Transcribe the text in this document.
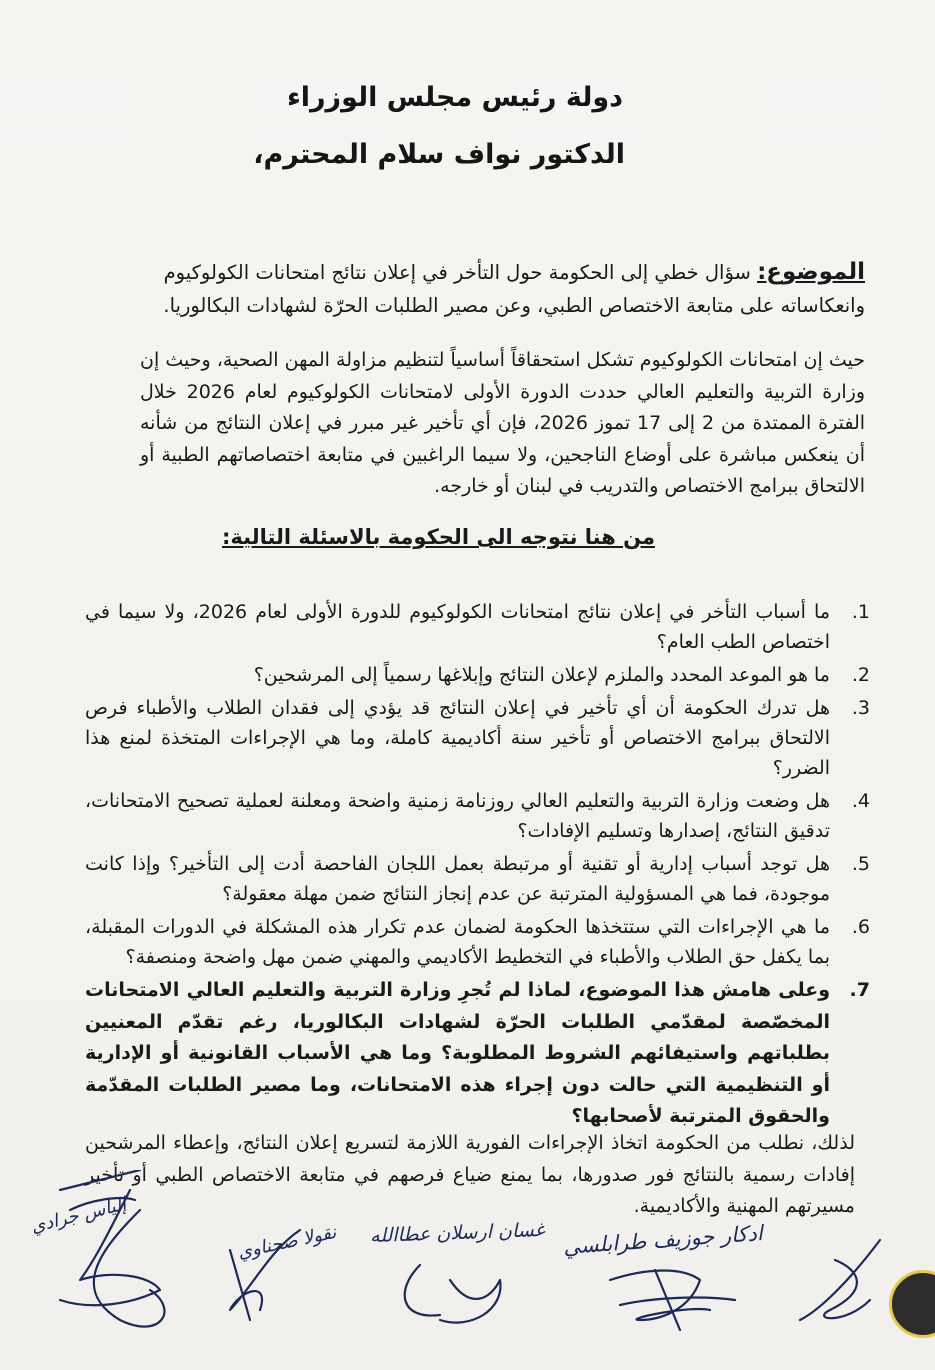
دولة رئيس مجلس الوزراء
الدكتور نواف سلام المحترم،
الموضوع: سؤال خطي إلى الحكومة حول التأخر في إعلان نتائج امتحانات الكولوكيوم وانعكاساته على متابعة الاختصاص الطبي، وعن مصير الطلبات الحرّة لشهادات البكالوريا.
حيث إن امتحانات الكولوكيوم تشكل استحقاقاً أساسياً لتنظيم مزاولة المهن الصحية، وحيث إن وزارة التربية والتعليم العالي حددت الدورة الأولى لامتحانات الكولوكيوم لعام 2026 خلال الفترة الممتدة من 2 إلى 17 تموز 2026، فإن أي تأخير غير مبرر في إعلان النتائج من شأنه أن ينعكس مباشرة على أوضاع الناجحين، ولا سيما الراغبين في متابعة اختصاصاتهم الطبية أو الالتحاق ببرامج الاختصاص والتدريب في لبنان أو خارجه.
من هنا نتوجه الى الحكومة بالاسئلة التالية:
1.
ما أسباب التأخر في إعلان نتائج امتحانات الكولوكيوم للدورة الأولى لعام 2026، ولا سيما في اختصاص الطب العام؟
2.
ما هو الموعد المحدد والملزم لإعلان النتائج وإبلاغها رسمياً إلى المرشحين؟
3.
هل تدرك الحكومة أن أي تأخير في إعلان النتائج قد يؤدي إلى فقدان الطلاب والأطباء فرص الالتحاق ببرامج الاختصاص أو تأخير سنة أكاديمية كاملة، وما هي الإجراءات المتخذة لمنع هذا الضرر؟
4.
هل وضعت وزارة التربية والتعليم العالي روزنامة زمنية واضحة ومعلنة لعملية تصحيح الامتحانات، تدقيق النتائج، إصدارها وتسليم الإفادات؟
5.
هل توجد أسباب إدارية أو تقنية أو مرتبطة بعمل اللجان الفاحصة أدت إلى التأخير؟ وإذا كانت موجودة، فما هي المسؤولية المترتبة عن عدم إنجاز النتائج ضمن مهلة معقولة؟
6.
ما هي الإجراءات التي ستتخذها الحكومة لضمان عدم تكرار هذه المشكلة في الدورات المقبلة، بما يكفل حق الطلاب والأطباء في التخطيط الأكاديمي والمهني ضمن مهل واضحة ومنصفة؟
7.
وعلى هامش هذا الموضوع، لماذا لم تُجرِ وزارة التربية والتعليم العالي الامتحانات المخصّصة لمقدّمي الطلبات الحرّة لشهادات البكالوريا، رغم تقدّم المعنيين بطلباتهم واستيفائهم الشروط المطلوبة؟ وما هي الأسباب القانونية أو الإدارية أو التنظيمية التي حالت دون إجراء هذه الامتحانات، وما مصير الطلبات المقدّمة والحقوق المترتبة لأصحابها؟
لذلك، نطلب من الحكومة اتخاذ الإجراءات الفورية اللازمة لتسريع إعلان النتائج، وإعطاء المرشحين إفادات رسمية بالنتائج فور صدورها، بما يمنع ضياع فرصهم في متابعة الاختصاص الطبي أو تأخير مسيرتهم المهنية والأكاديمية.
ادكار جوزيف طرابلسي
غسان ارسلان عطاالله
نقولا صحناوي
إلياس جرادي
